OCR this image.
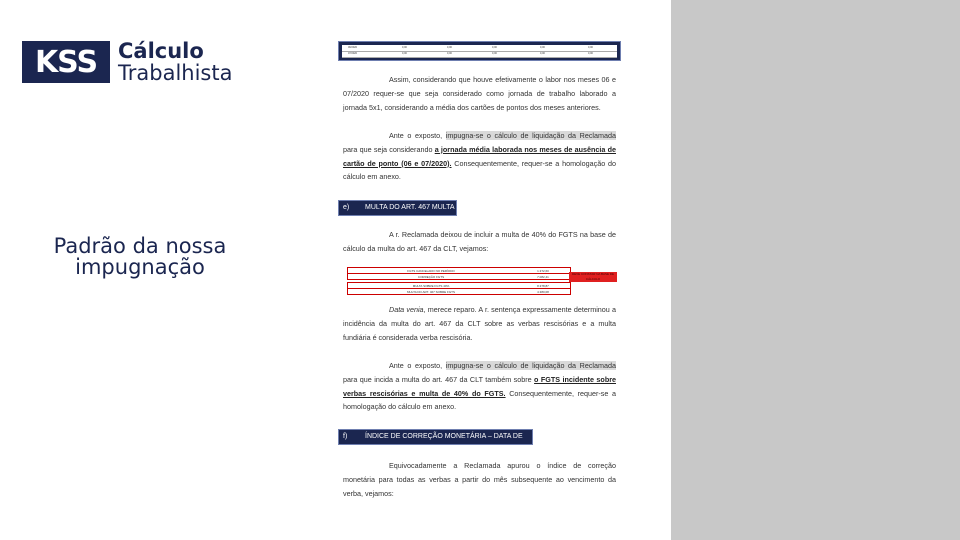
KSS Cálculo
Trabalhista
Padrão da nossa
impugnação
06/2020	0,00	0,00	0,00	0,00	0,00
07/2020	0,00	0,00	0,00	0,00	0,00
Assim, considerando que houve efetivamente o labor nos meses 06 e 07/2020 requer-se que seja considerado como jornada de trabalho laborado a jornada 5x1, considerando a média dos cartões de pontos dos meses anteriores.
Ante o exposto, impugna-se o cálculo de liquidação da Reclamada para que seja considerando a jornada média laborada nos meses de ausência de cartão de ponto (06 e 07/2020). Consequentemente, requer-se a homologação do cálculo em anexo.
e) MULTA DO ART. 467 MULTA DE 40% DO FGTS
A r. Reclamada deixou de incluir a multa de 40% do FGTS na base de cálculo da multa do art. 467 da CLT, vejamos:
FGTS CANCELADO NO PERÍODO	1.372,60
CORREÇÃO FGTS	7.082,41
MULTA SOBRE FGTS 40%	8.378,87
MULTA DO ART. 467 SOBRE FGTS	4.380,08
DEVE CONSTAR NA BASE DE CÁLCULO
Data venia, merece reparo. A r. sentença expressamente determinou a incidência da multa do art. 467 da CLT sobre as verbas rescisórias e a multa fundiária é considerada verba rescisória.
Ante o exposto, impugna-se o cálculo de liquidação da Reclamada para que incida a multa do art. 467 da CLT também sobre o FGTS incidente sobre verbas rescisórias e multa de 40% do FGTS. Consequentemente, requer-se a homologação do cálculo em anexo.
f)	ÍNDICE DE CORREÇÃO MONETÁRIA – DATA DE INÍCIO
Equivocadamente a Reclamada apurou o índice de correção monetária para todas as verbas a partir do mês subsequente ao vencimento da verba, vejamos:
